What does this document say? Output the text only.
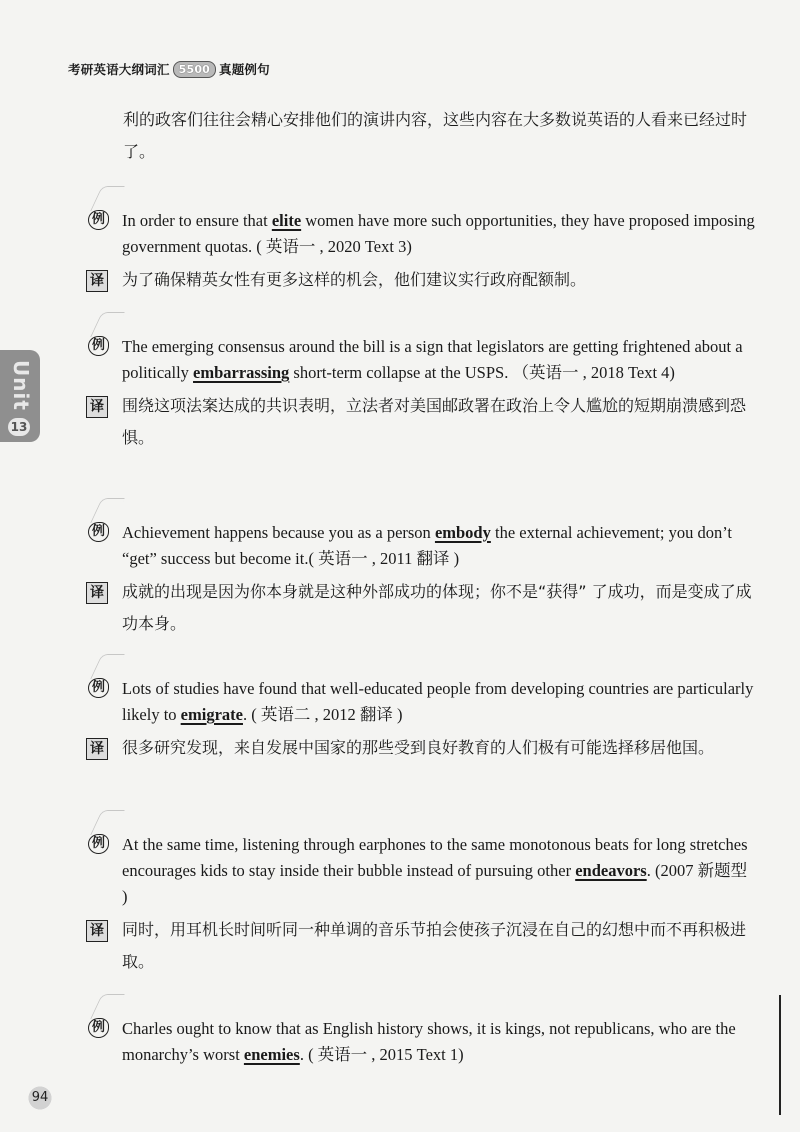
考研英语大纲词汇 5500 真题例句
Unit
13
利的政客们往往会精心安排他们的演讲内容，这些内容在大多数说英语的人看来已经过时了。
例 In order to ensure that elite women have more such opportunities, they have proposed imposing government quotas. ( 英语一 , 2020 Text 3)
译 为了确保精英女性有更多这样的机会，他们建议实行政府配额制。
例 The emerging consensus around the bill is a sign that legislators are getting frightened about a politically embarrassing short-term collapse at the USPS. （英语一 , 2018 Text 4)
译 围绕这项法案达成的共识表明，立法者对美国邮政署在政治上令人尴尬的短期崩溃感到恐惧。
例 Achievement happens because you as a person embody the external achievement; you don’t “get” success but become it.( 英语一 , 2011 翻译 )
译 成就的出现是因为你本身就是这种外部成功的体现；你不是“获得” 了成功，而是变成了成功本身。
例 Lots of studies have found that well-educated people from developing countries are particularly likely to emigrate. ( 英语二 , 2012 翻译 )
译 很多研究发现，来自发展中国家的那些受到良好教育的人们极有可能选择移居他国。
例 At the same time, listening through earphones to the same monotonous beats for long stretches encourages kids to stay inside their bubble instead of pursuing other endeavors. (2007 新题型 )
译 同时，用耳机长时间听同一种单调的音乐节拍会使孩子沉浸在自己的幻想中而不再积极进取。
例 Charles ought to know that as English history shows, it is kings, not republicans, who are the monarchy’s worst enemies. ( 英语一 , 2015 Text 1)
94
